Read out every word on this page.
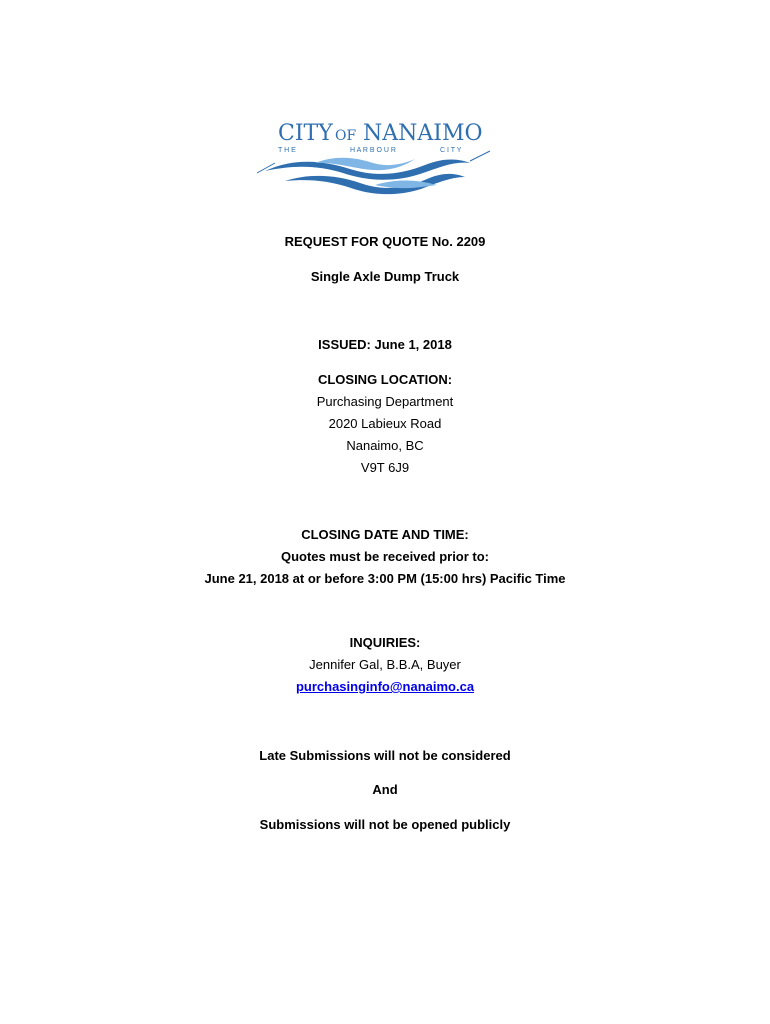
CITY OF NANAIMO
T H E	H A R B O U R	C I T Y
REQUEST FOR QUOTE No. 2209
Single Axle Dump Truck
ISSUED: June 1, 2018
CLOSING LOCATION:
Purchasing Department
2020 Labieux Road
Nanaimo, BC
V9T 6J9
CLOSING DATE AND TIME:
Quotes must be received prior to:
June 21, 2018 at or before 3:00 PM (15:00 hrs) Pacific Time
INQUIRIES:
Jennifer Gal, B.B.A, Buyer
purchasinginfo@nanaimo.ca
Late Submissions will not be considered
And
Submissions will not be opened publicly
